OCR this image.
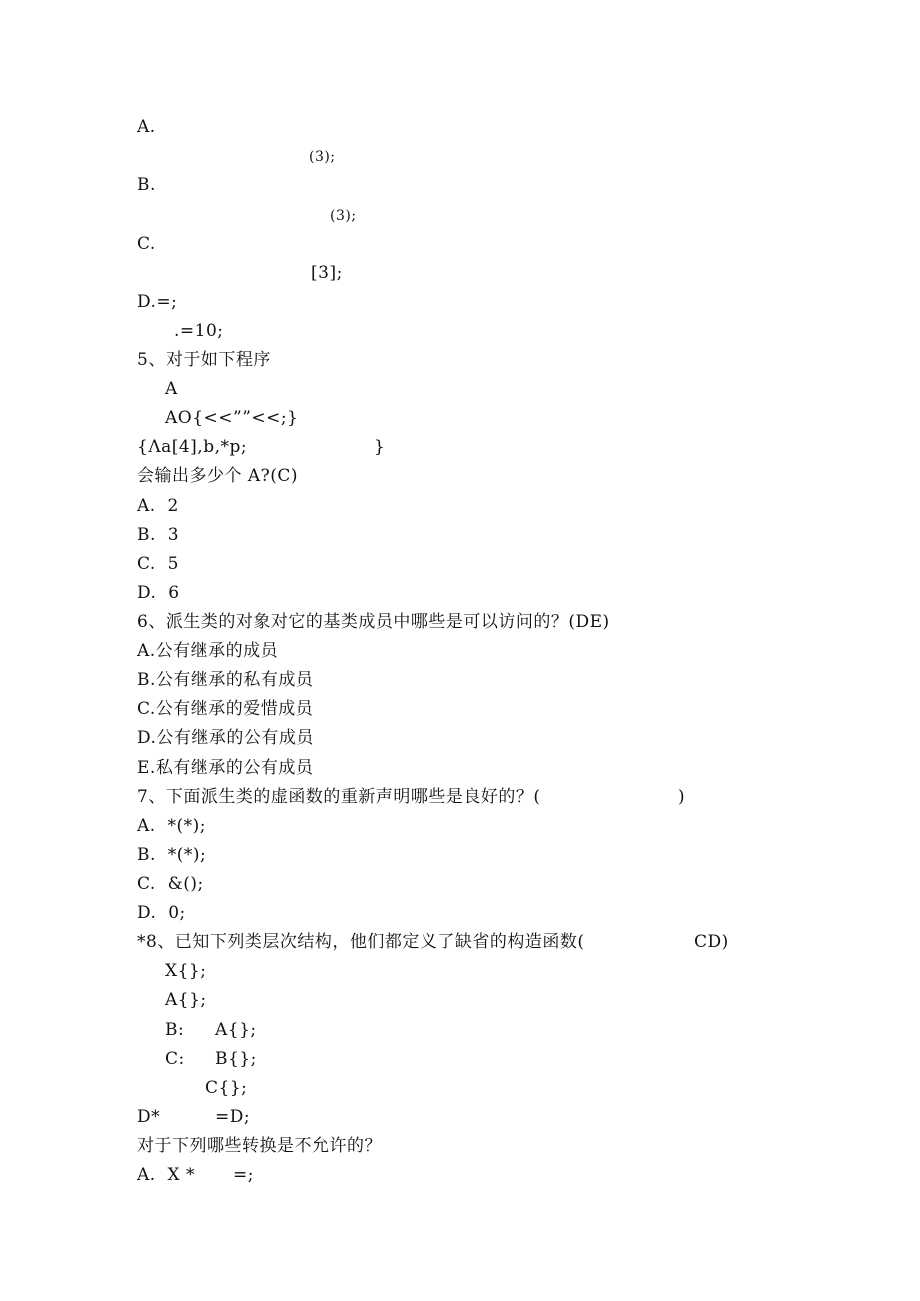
A.
(3);
B.
(3);
C.
[3];
D.=;
.=10;
5、对于如下程序
A
AO{<<””<<;}
{Λa[4],b,*p;	}
会输出多少个 A?(C)
A.  2
B.  3
C.  5
D.  6
6、派生类的对象对它的基类成员中哪些是可以访问的？(DE)
A.公有继承的成员
B.公有继承的私有成员
C.公有继承的爱惜成员
D.公有继承的公有成员
E.私有继承的公有成员
7、下面派生类的虚函数的重新声明哪些是良好的？(	)
A.  *(*);
B.  *(*);
C.  &();
D.  0;
*8、已知下列类层次结构，他们都定义了缺省的构造函数(	CD)
X{};
A{};
B: A{};
C: B{};
C{};
D*	=D;
对于下列哪些转换是不允许的？
A.  X * =;
